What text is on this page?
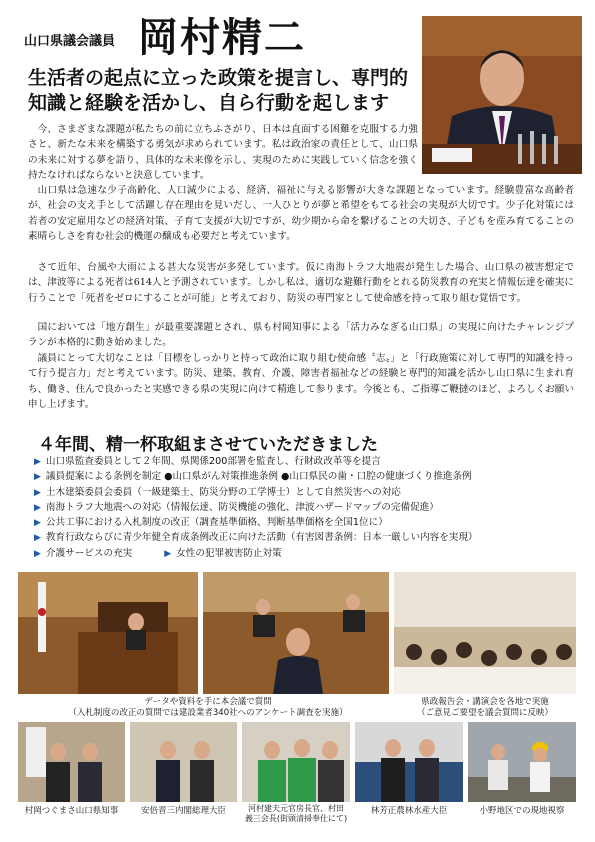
山口県議会議員 岡村精二
生活者の起点に立った政策を提言し、専門的
知識と経験を活かし、自ら行動を起します
今、さまざまな課題が私たちの前に立ちふさがり、日本は直面する困難を克服する力強さと、新たな未来を構築する勇気が求められています。私は政治家の責任として、山口県の未来に対する夢を語り、具体的な未来像を示し、実現のために実践していく信念を強く持たなければならないと決意しています。
山口県は急速な少子高齢化、人口減少による、経済、福祉に与える影響が大きな課題となっています。経験豊富な高齢者が、社会の支え手として活躍し存在理由を見いだし、一人ひとりが夢と希望をもてる社会の実現が大切です。少子化対策には若者の安定雇用などの経済対策、子育て支援が大切ですが、幼少期から命を繋げることの大切さ、子どもを産み育てることの素晴らしさを育む社会的機運の醸成も必要だと考えています。
さて近年、台風や大雨による甚大な災害が多発しています。仮に南海トラフ大地震が発生した場合、山口県の被害想定では、津波等による死者は614人と予測されています。しかし私は、適切な避難行動をとれる防災教育の充実と情報伝達を確実に行うことで「死者をゼロにすることが可能」と考えており、防災の専門家として使命感を持って取り組む覚悟です。
国においては「地方創生」が最重要課題とされ、県も村岡知事による「活力みなぎる山口県」の実現に向けたチャレンジプランが本格的に動き始めました。
議員にとって大切なことは「目標をしっかりと持って政治に取り組む使命感〝志〟」と「行政施策に対して専門的知識を持って行う提言力」だと考えています。防災、建築、教育、介護、障害者福祉などの経験と専門的知識を活かし山口県に生まれ育ち、働き、住んで良かったと実感できる県の実現に向けて精進して参ります。今後とも、ご指導ご鞭撻のほど、よろしくお願い申し上げます。
４年間、精一杯取組まさせていただきました
▶ 山口県監査委員として２年間、県関係200部署を監査し、行財政改革等を提言
▶ 議員提案による条例を制定 ●山口県がん対策推進条例 ●山口県民の歯・口腔の健康づくり推進条例
▶ 土木建築委員会委員（一級建築士、防災分野の工学博士）として自然災害への対応
▶ 南海トラフ大地震への対応（情報伝達、防災機能の強化、津波ハザードマップの完備促進）
▶ 公共工事における入札制度の改正（調査基準価格、判断基準価格を全国1位に）
▶ 教育行政ならびに青少年健全育成条例改正に向けた活動（有害図書条例：日本一厳しい内容を実現）
▶ 介護サービスの充実	▶ 女性の犯罪被害防止対策
データや資料を手に本会議で質問
（入札制度の改正の質問では建設業者340社へのアンケート調査を実施）
県政報告会・講演会を各地で実施
（ご意見ご要望を議会質問に反映）
村岡つぐまさ山口県知事	安倍晋三内閣総理大臣	河村建夫元官房長官、村田
義三会長(街頭清掃奉仕にて)
林芳正農林水産大臣	小野地区での現地視察
